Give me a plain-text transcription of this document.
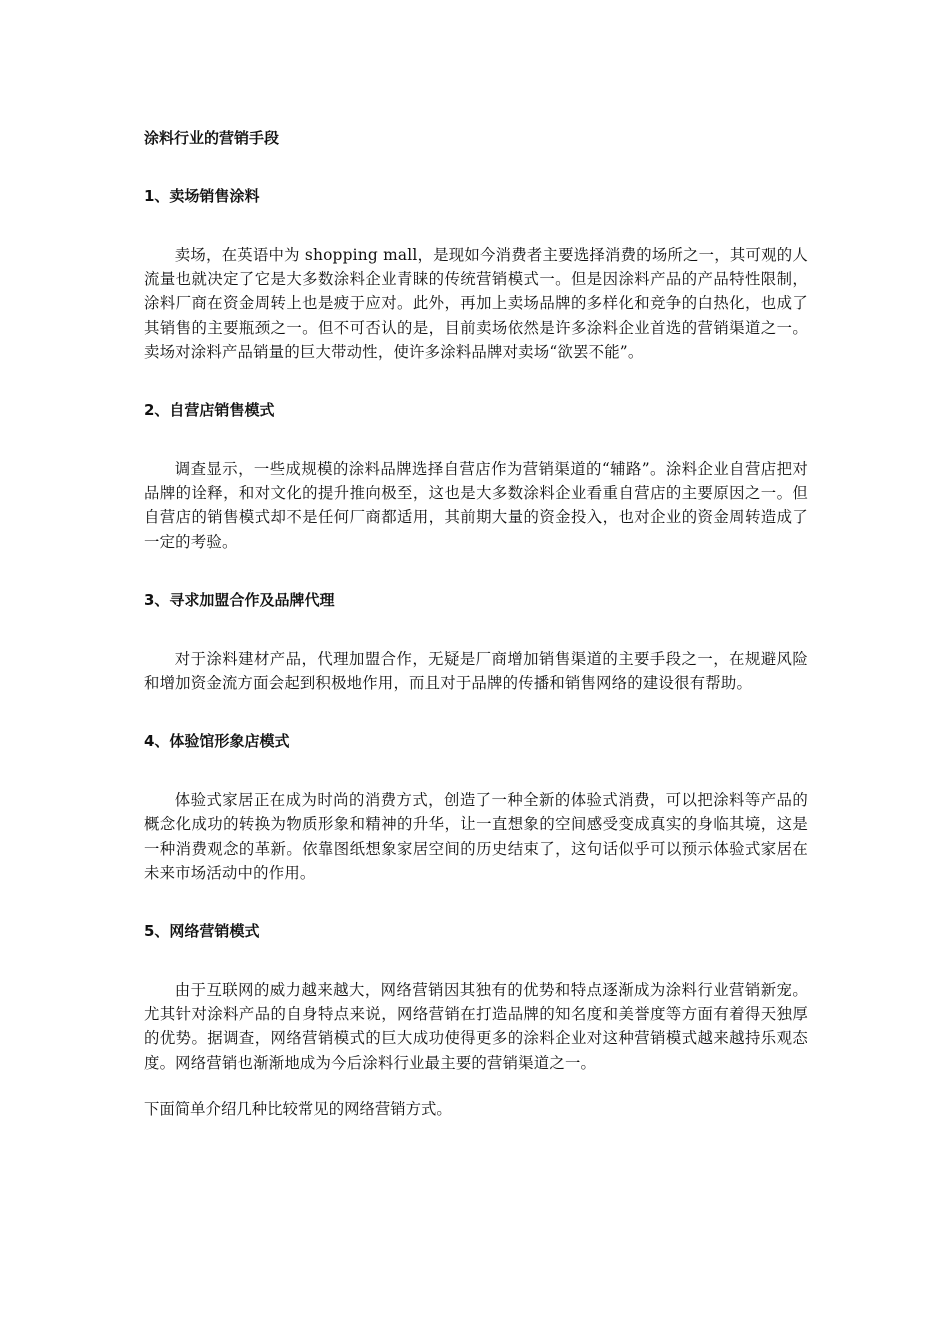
涂料行业的营销手段
1、卖场销售涂料

卖场，在英语中为 shopping mall，是现如今消费者主要选择消费的场所之一，其可观的人流量也就决定了它是大多数涂料企业青睐的传统营销模式一。但是因涂料产品的产品特性限制，涂料厂商在资金周转上也是疲于应对。此外，再加上卖场品牌的多样化和竞争的白热化，也成了其销售的主要瓶颈之一。但不可否认的是，目前卖场依然是许多涂料企业首选的营销渠道之一。卖场对涂料产品销量的巨大带动性，使许多涂料品牌对卖场“欲罢不能”。

2、自营店销售模式

调查显示，一些成规模的涂料品牌选择自营店作为营销渠道的“辅路”。涂料企业自营店把对品牌的诠释，和对文化的提升推向极至，这也是大多数涂料企业看重自营店的主要原因之一。但自营店的销售模式却不是任何厂商都适用，其前期大量的资金投入，也对企业的资金周转造成了一定的考验。

3、寻求加盟合作及品牌代理

对于涂料建材产品，代理加盟合作，无疑是厂商增加销售渠道的主要手段之一，在规避风险和增加资金流方面会起到积极地作用，而且对于品牌的传播和销售网络的建设很有帮助。

4、体验馆形象店模式

体验式家居正在成为时尚的消费方式，创造了一种全新的体验式消费，可以把涂料等产品的概念化成功的转换为物质形象和精神的升华，让一直想象的空间感受变成真实的身临其境，这是一种消费观念的革新。依靠图纸想象家居空间的历史结束了，这句话似乎可以预示体验式家居在未来市场活动中的作用。

5、网络营销模式

由于互联网的威力越来越大，网络营销因其独有的优势和特点逐渐成为涂料行业营销新宠。尤其针对涂料产品的自身特点来说，网络营销在打造品牌的知名度和美誉度等方面有着得天独厚的优势。据调查，网络营销模式的巨大成功使得更多的涂料企业对这种营销模式越来越持乐观态度。网络营销也渐渐地成为今后涂料行业最主要的营销渠道之一。

下面简单介绍几种比较常见的网络营销方式。
